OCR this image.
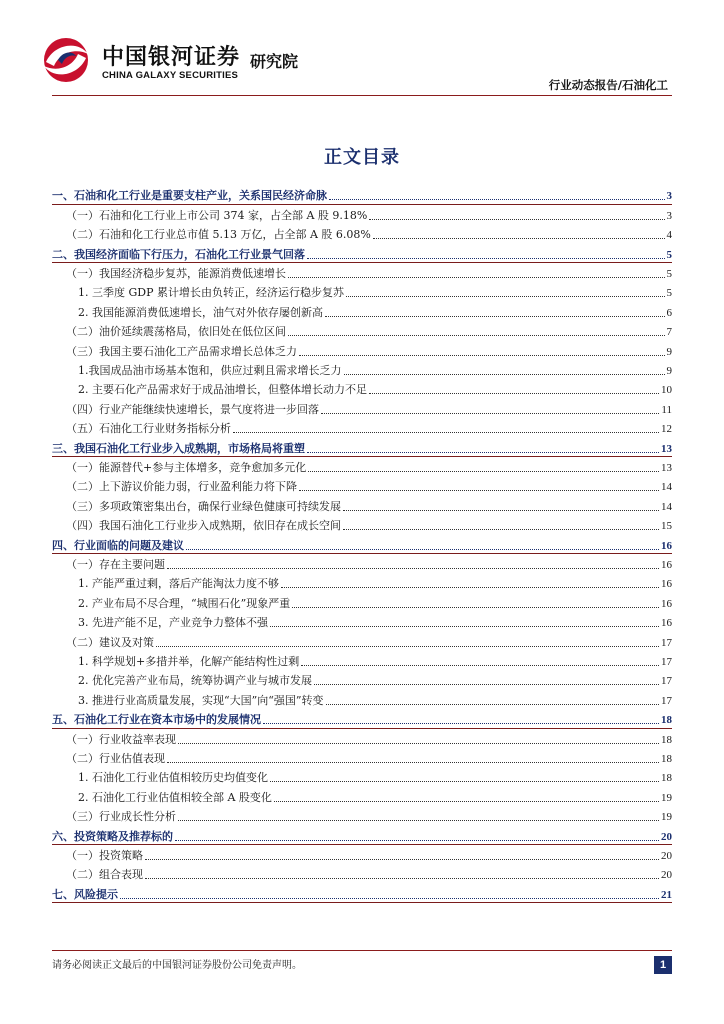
中国银河证券
CHINA GALAXY SECURITIES
研究院
行业动态报告/石油化工
正文目录
一、石油和化工行业是重要支柱产业，关系国民经济命脉	3
（一）石油和化工行业上市公司 374 家，占全部 A 股 9.18%	3
（二）石油和化工行业总市值 5.13 万亿，占全部 A 股 6.08%	4
二、我国经济面临下行压力，石油化工行业景气回落	5
（一）我国经济稳步复苏，能源消费低速增长	5
1. 三季度 GDP 累计增长由负转正，经济运行稳步复苏	5
2. 我国能源消费低速增长，油气对外依存屡创新高	6
（二）油价延续震荡格局，依旧处在低位区间	7
（三）我国主要石油化工产品需求增长总体乏力	9
1.我国成品油市场基本饱和，供应过剩且需求增长乏力	9
2. 主要石化产品需求好于成品油增长，但整体增长动力不足	10
（四）行业产能继续快速增长，景气度将进一步回落	11
（五）石油化工行业财务指标分析	12
三、我国石油化工行业步入成熟期，市场格局将重塑	13
（一）能源替代+参与主体增多，竞争愈加多元化	13
（二）上下游议价能力弱，行业盈利能力将下降	14
（三）多项政策密集出台，确保行业绿色健康可持续发展	14
（四）我国石油化工行业步入成熟期，依旧存在成长空间	15
四、行业面临的问题及建议	16
（一）存在主要问题	16
1. 产能严重过剩，落后产能淘汰力度不够	16
2. 产业布局不尽合理，“城围石化”现象严重	16
3. 先进产能不足，产业竞争力整体不强	16
（二）建议及对策	17
1. 科学规划+多措并举，化解产能结构性过剩	17
2. 优化完善产业布局，统筹协调产业与城市发展	17
3. 推进行业高质量发展，实现“大国”向“强国”转变	17
五、石油化工行业在资本市场中的发展情况	18
（一）行业收益率表现	18
（二）行业估值表现	18
1. 石油化工行业估值相较历史均值变化	18
2. 石油化工行业估值相较全部 A 股变化	19
（三）行业成长性分析	19
六、投资策略及推荐标的	20
（一）投资策略	20
（二）组合表现	20
七、风险提示	21
请务必阅读正文最后的中国银河证券股份公司免责声明。	1
